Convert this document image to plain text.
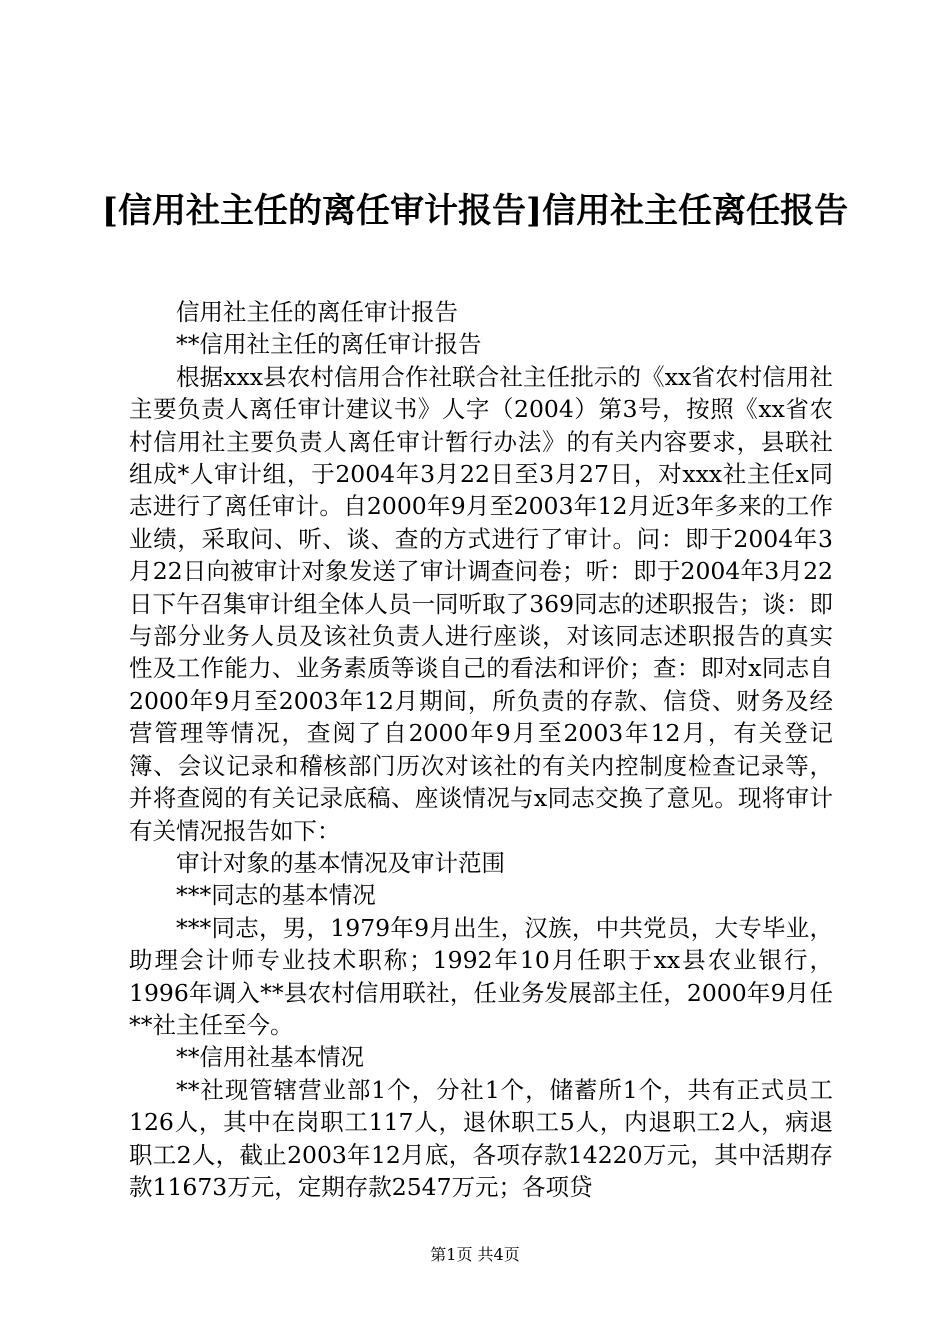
[信用社主任的离任审计报告]信用社主任离任报告

信用社主任的离任审计报告

**信用社主任的离任审计报告

根据xxx县农村信用合作社联合社主任批示的《xx省农村信用社主要负责人离任审计建议书》人字（2004）第3号，按照《xx省农村信用社主要负责人离任审计暂行办法》的有关内容要求，县联社组成*人审计组，于2004年3月22日至3月27日，对xxx社主任x同志进行了离任审计。自2000年9月至2003年12月近3年多来的工作业绩，采取问、听、谈、查的方式进行了审计。问：即于2004年3月22日向被审计对象发送了审计调查问卷；听：即于2004年3月22日下午召集审计组全体人员一同听取了369同志的述职报告；谈：即与部分业务人员及该社负责人进行座谈，对该同志述职报告的真实性及工作能力、业务素质等谈自己的看法和评价；查：即对x同志自2000年9月至2003年12月期间，所负责的存款、信贷、财务及经营管理等情况，查阅了自2000年9月至2003年12月，有关登记簿、会议记录和稽核部门历次对该社的有关内控制度检查记录等，并将查阅的有关记录底稿、座谈情况与x同志交换了意见。现将审计有关情况报告如下：

审计对象的基本情况及审计范围

***同志的基本情况

***同志，男，1979年9月出生，汉族，中共党员，大专毕业，助理会计师专业技术职称；1992年10月任职于xx县农业银行，1996年调入**县农村信用联社，任业务发展部主任，2000年9月任**社主任至今。

**信用社基本情况

**社现管辖营业部1个，分社1个，储蓄所1个，共有正式员工126人，其中在岗职工117人，退休职工5人，内退职工2人，病退职工2人，截止2003年12月底，各项存款14220万元，其中活期存款11673万元，定期存款2547万元；各项贷

第1页 共4页
